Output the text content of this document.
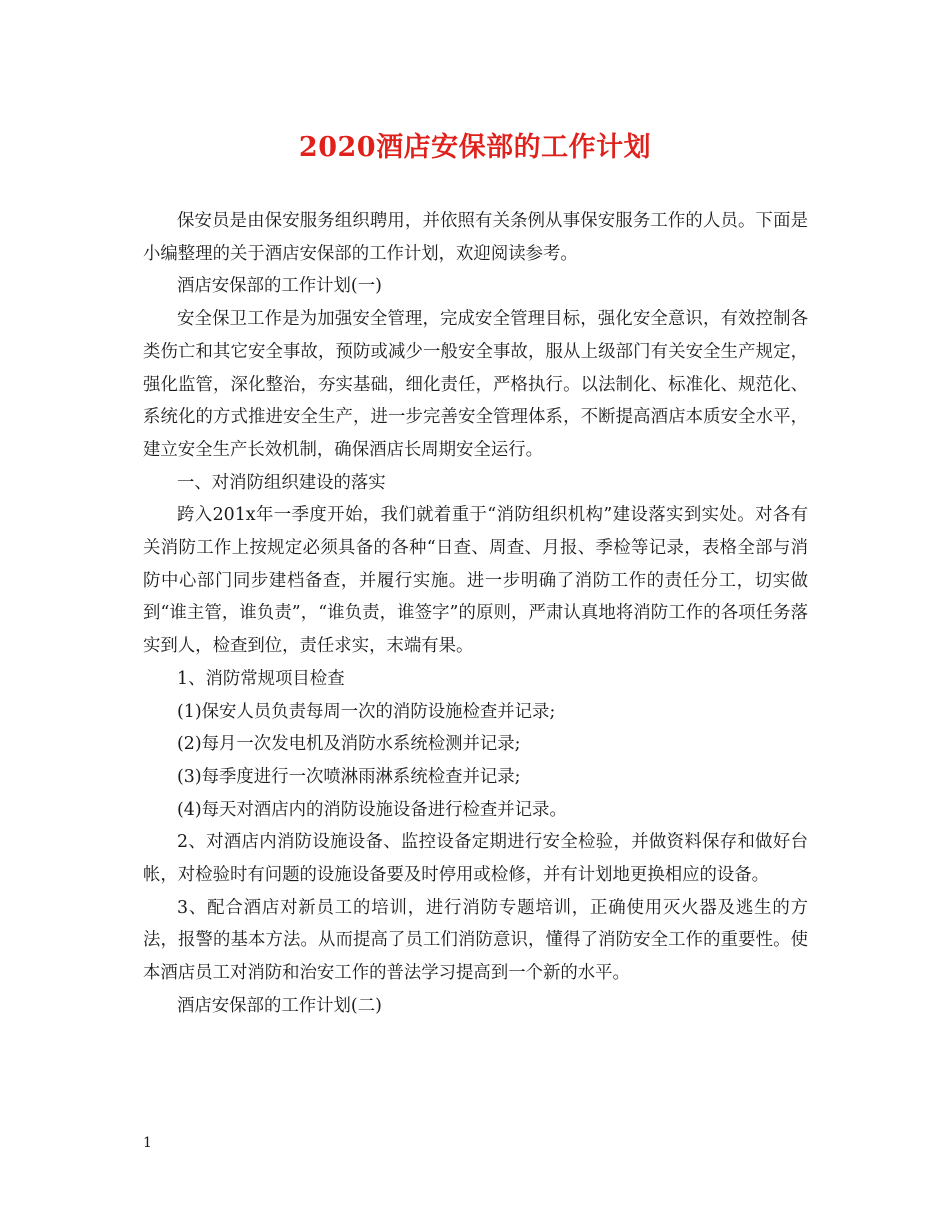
2020酒店安保部的工作计划

保安员是由保安服务组织聘用，并依照有关条例从事保安服务工作的人员。下面是小编整理的关于酒店安保部的工作计划，欢迎阅读参考。

酒店安保部的工作计划(一)

安全保卫工作是为加强安全管理，完成安全管理目标，强化安全意识，有效控制各类伤亡和其它安全事故，预防或减少一般安全事故，服从上级部门有关安全生产规定，强化监管，深化整治，夯实基础，细化责任，严格执行。以法制化、标准化、规范化、系统化的方式推进安全生产，进一步完善安全管理体系，不断提高酒店本质安全水平，建立安全生产长效机制，确保酒店长周期安全运行。

一、对消防组织建设的落实

跨入201x年一季度开始，我们就着重于“消防组织机构”建设落实到实处。对各有关消防工作上按规定必须具备的各种“日查、周查、月报、季检等记录，表格全部与消防中心部门同步建档备查，并履行实施。进一步明确了消防工作的责任分工，切实做到“谁主管，谁负责”，“谁负责，谁签字”的原则，严肃认真地将消防工作的各项任务落实到人，检查到位，责任求实，末端有果。

1、消防常规项目检查

(1)保安人员负责每周一次的消防设施检查并记录;

(2)每月一次发电机及消防水系统检测并记录;

(3)每季度进行一次喷淋雨淋系统检查并记录;

(4)每天对酒店内的消防设施设备进行检查并记录。

2、对酒店内消防设施设备、监控设备定期进行安全检验，并做资料保存和做好台帐，对检验时有问题的设施设备要及时停用或检修，并有计划地更换相应的设备。

3、配合酒店对新员工的培训，进行消防专题培训，正确使用灭火器及逃生的方法，报警的基本方法。从而提高了员工们消防意识，懂得了消防安全工作的重要性。使本酒店员工对消防和治安工作的普法学习提高到一个新的水平。

酒店安保部的工作计划(二)

1
